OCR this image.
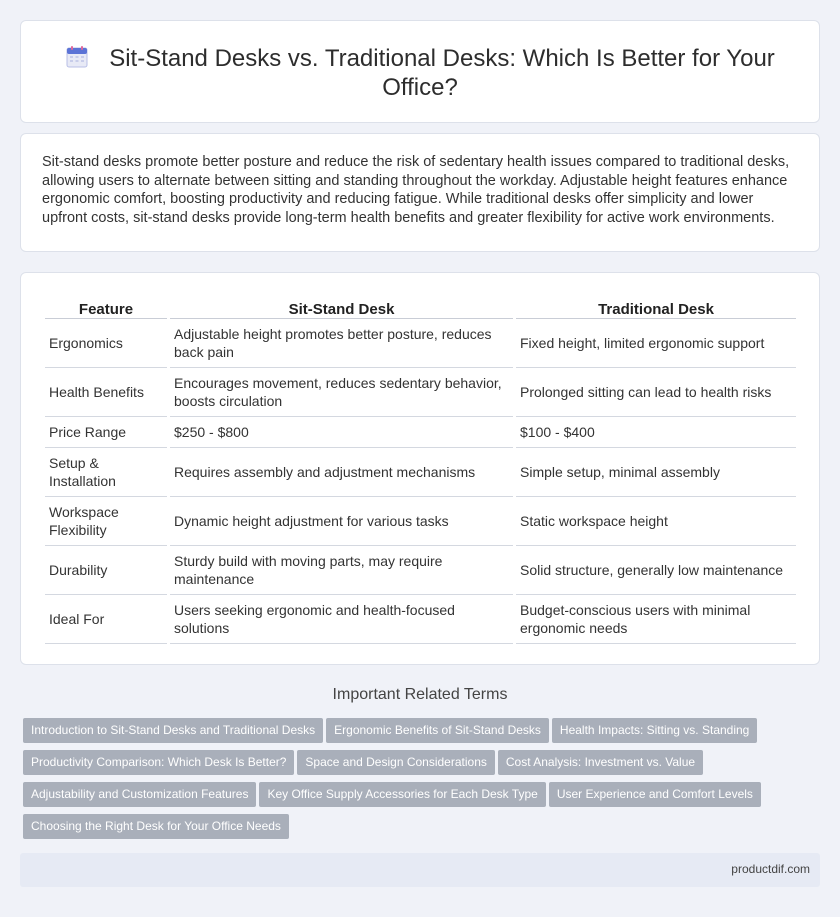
Sit-Stand Desks vs. Traditional Desks: Which Is Better for Your Office?

Sit-stand desks promote better posture and reduce the risk of sedentary health issues compared to traditional desks, allowing users to alternate between sitting and standing throughout the workday. Adjustable height features enhance ergonomic comfort, boosting productivity and reducing fatigue. While traditional desks offer simplicity and lower upfront costs, sit-stand desks provide long-term health benefits and greater flexibility for active work environments.

Feature	Sit-Stand Desk	Traditional Desk
Ergonomics	Adjustable height promotes better posture, reduces back pain	Fixed height, limited ergonomic support
Health Benefits	Encourages movement, reduces sedentary behavior, boosts circulation	Prolonged sitting can lead to health risks
Price Range	$250 - $800	$100 - $400
Setup & Installation	Requires assembly and adjustment mechanisms	Simple setup, minimal assembly
Workspace Flexibility	Dynamic height adjustment for various tasks	Static workspace height
Durability	Sturdy build with moving parts, may require maintenance	Solid structure, generally low maintenance
Ideal For	Users seeking ergonomic and health-focused solutions	Budget-conscious users with minimal ergonomic needs
Important Related Terms
Introduction to Sit-Stand Desks and Traditional Desks Ergonomic Benefits of Sit-Stand Desks Health Impacts: Sitting vs. Standing
Productivity Comparison: Which Desk Is Better? Space and Design Considerations Cost Analysis: Investment vs. Value
Adjustability and Customization Features Key Office Supply Accessories for Each Desk Type User Experience and Comfort Levels
Choosing the Right Desk for Your Office Needs
productdif.com
